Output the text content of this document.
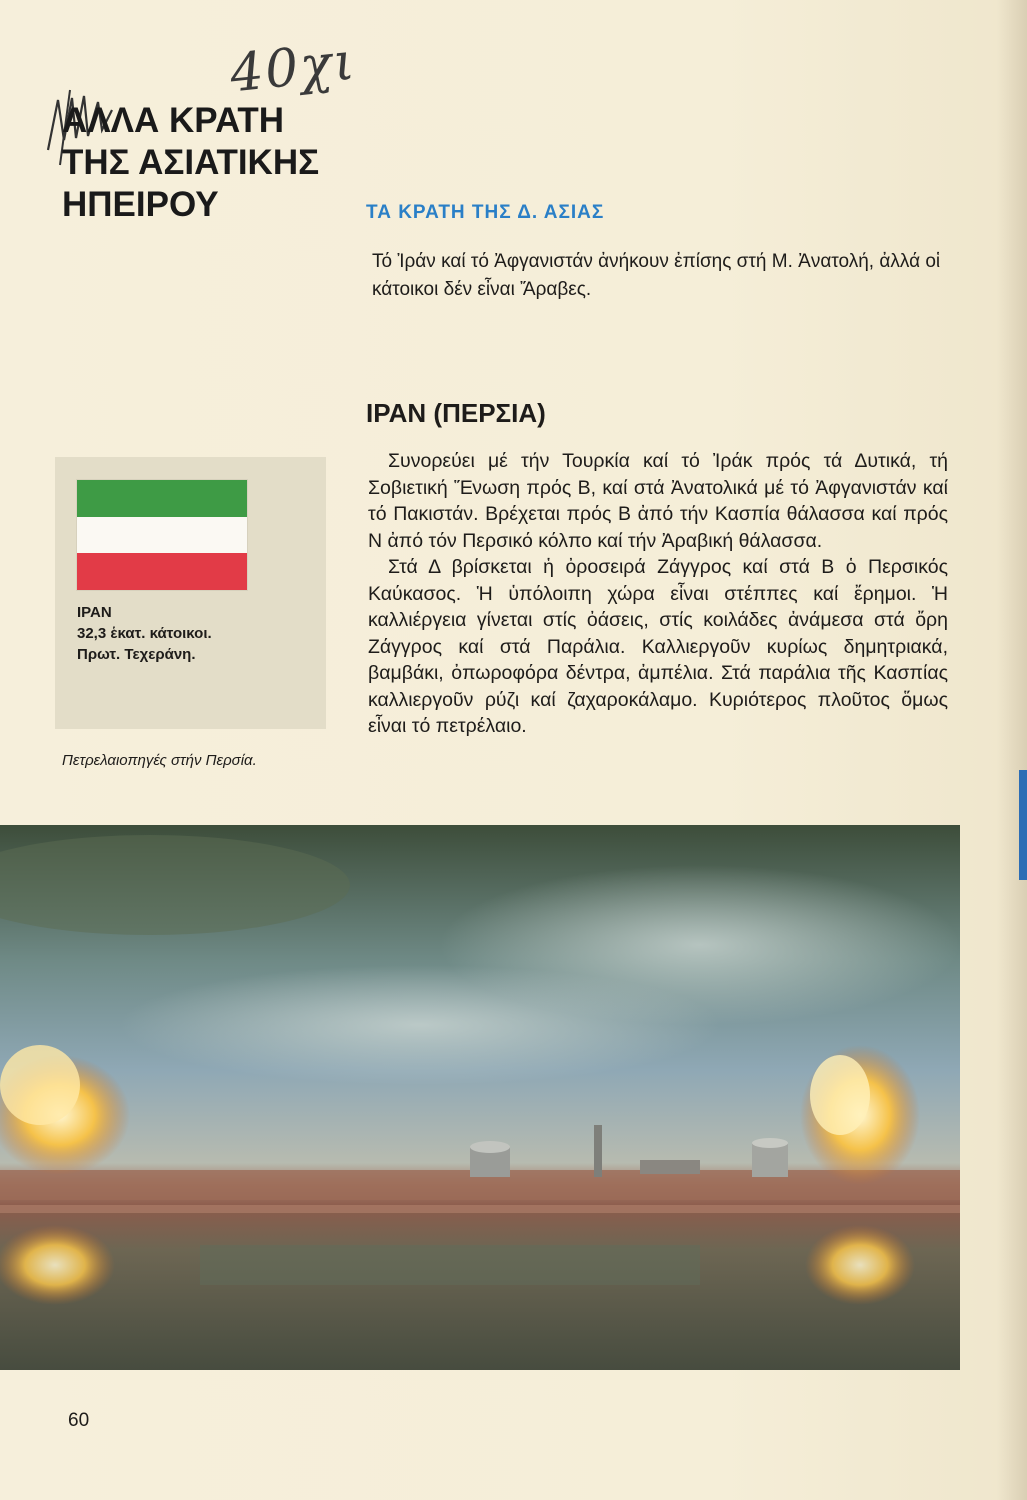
40χι
ΑΛΛΑ ΚΡΑΤΗ
ΤΗΣ ΑΣΙΑΤΙΚΗΣ
ΗΠΕΙΡΟΥ	ΤΑ ΚΡΑΤΗ ΤΗΣ Δ. ΑΣΙΑΣ

Τό Ἰράν καί τό Ἀφγανιστάν ἀνήκουν ἐπίσης στή Μ. Ἀνατολή, ἀλλά οἱ κάτοικοι δέν εἶναι Ἄραβες.

ΙΡΑΝ (ΠΕΡΣΙΑ)

Συνορεύει μέ τήν Τουρκία καί τό Ἰράκ πρός τά Δυτικά, τή Σοβιετική Ἕνωση πρός Β, καί στά Ἀνατολικά μέ τό Ἀφγανιστάν καί τό Πακιστάν. Βρέχεται πρός Β ἀπό τήν Κασπία θάλασσα καί πρός Ν ἀπό τόν Περσικό κόλπο καί τήν Ἀραβική θάλασσα.

Στά Δ βρίσκεται ἡ ὀροσειρά Ζάγγρος καί στά Β ὁ Περσικός Καύκασος. Ἡ ὑπόλοιπη χώρα εἶναι στέππες καί ἔρημοι. Ἡ καλλιέργεια γίνεται στίς ὀάσεις, στίς κοιλάδες ἀνάμεσα στά ὄρη Ζάγγρος καί στά Παράλια. Καλλιεργοῦν κυρίως δημητριακά, βαμβάκι, ὀπωροφόρα δέντρα, ἀμπέλια. Στά παράλια τῆς Κασπίας καλλιεργοῦν ρύζι καί ζαχαροκάλαμο. Κυριότερος πλοῦτος ὅμως εἶναι τό πετρέλαιο.

ΙΡΑΝ
32,3 ἑκατ. κάτοικοι.
Πρωτ. Τεχεράνη.
Πετρελαιοπηγές στήν Περσία.
60
